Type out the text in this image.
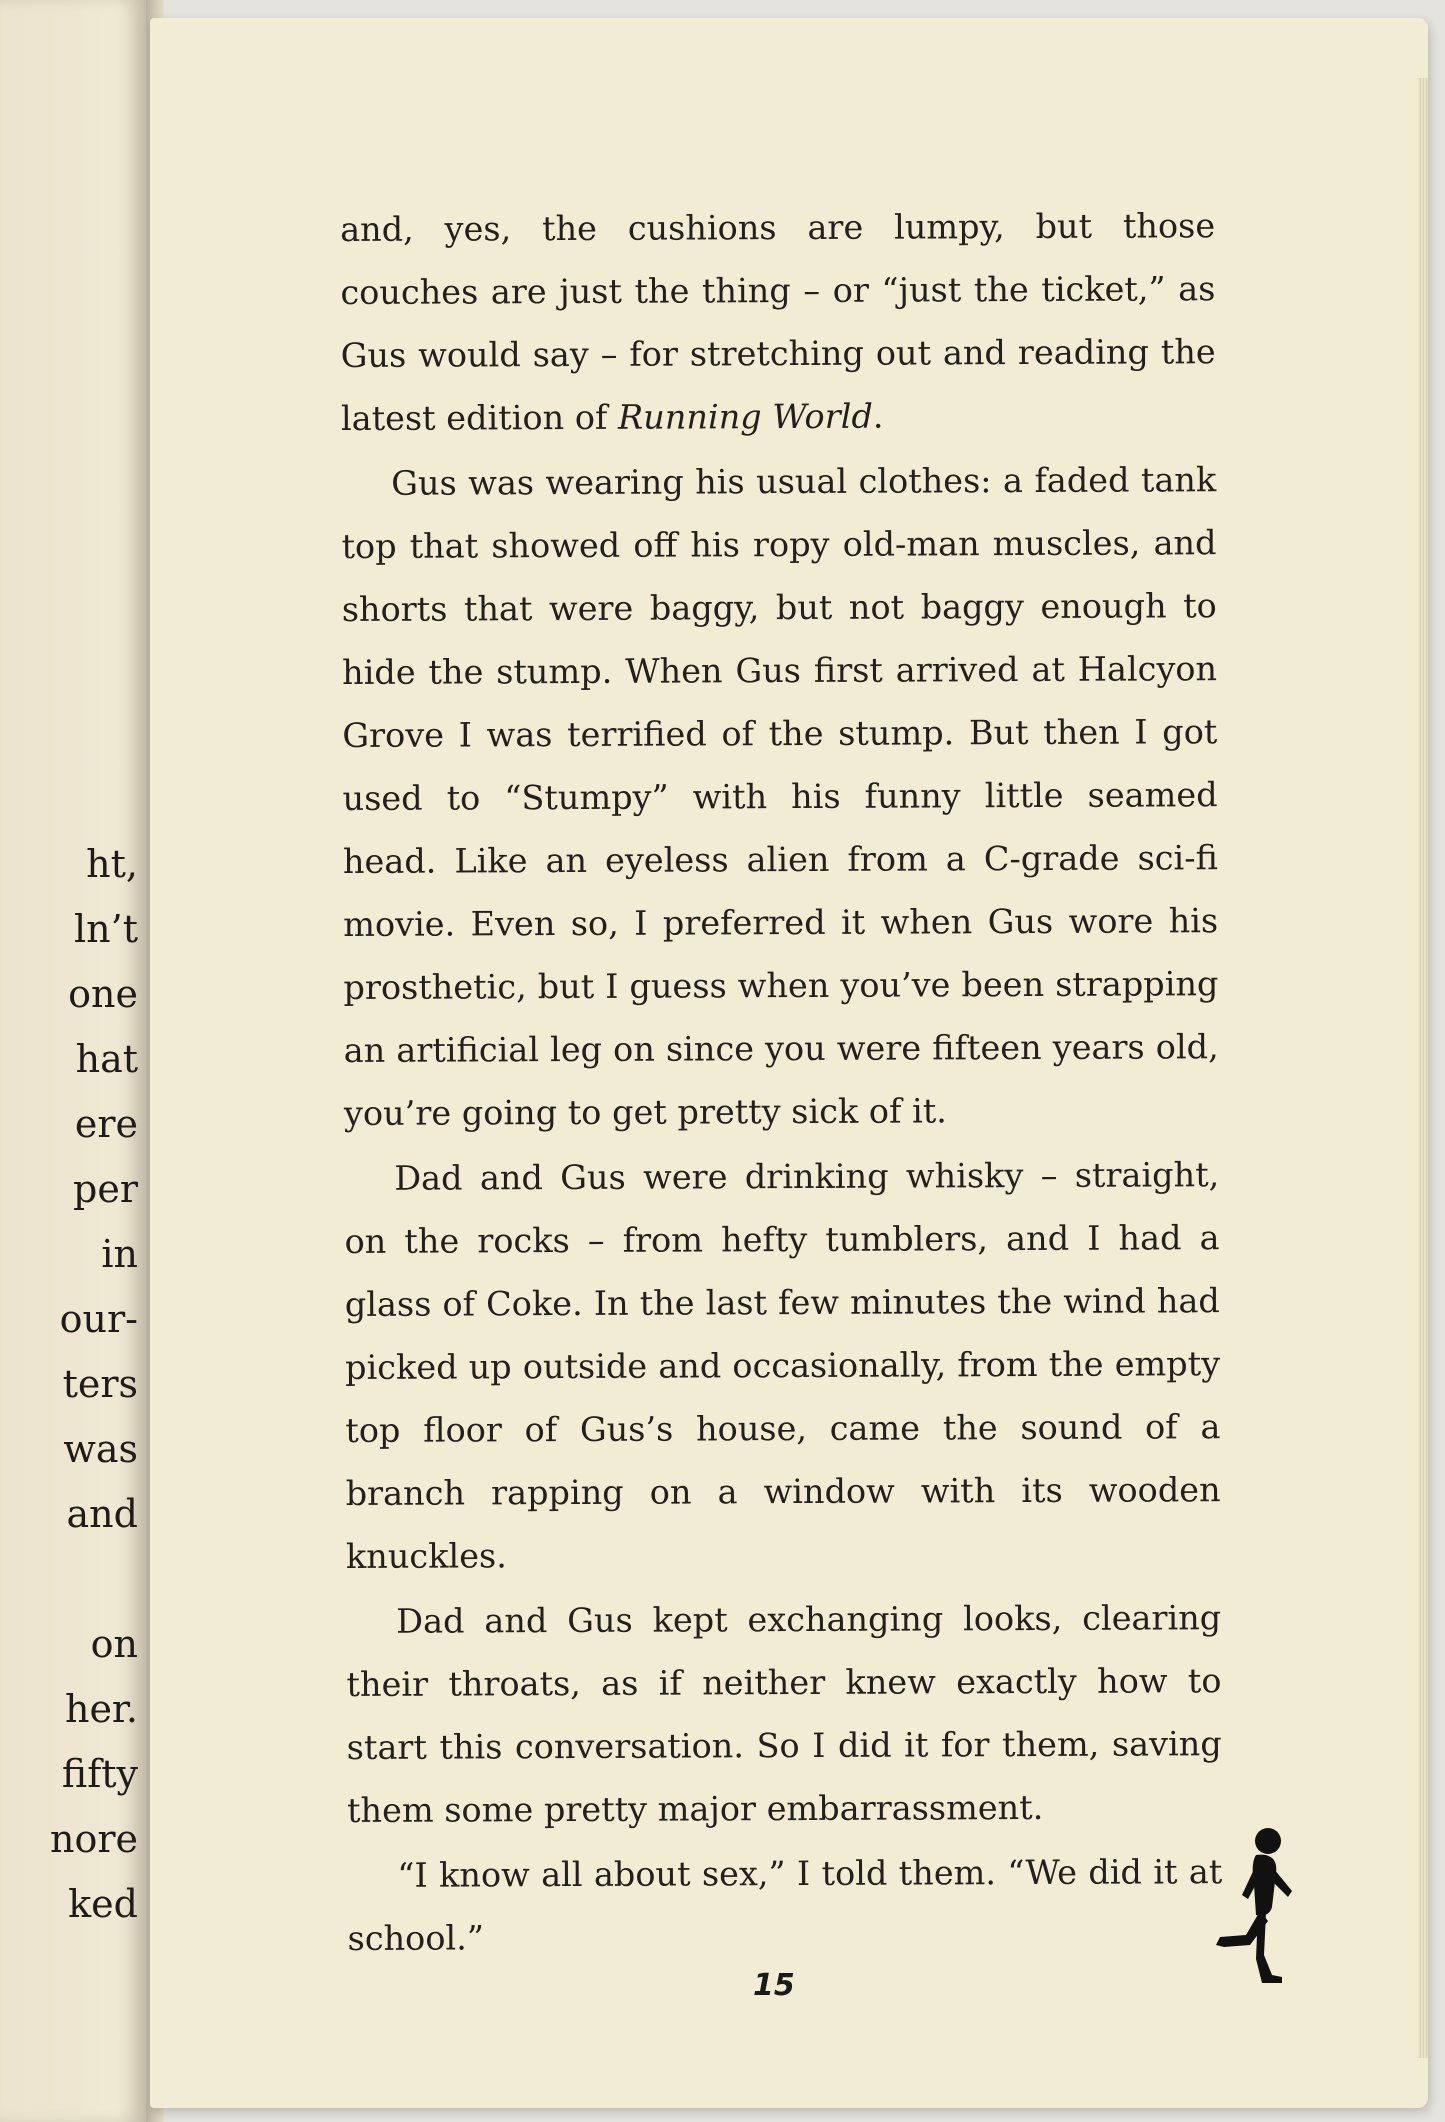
ht,
ln’t
one
hat
ere
per
in
our-
ters
was
and
on
her.
fifty
nore
ked

and, yes, the cushions are lumpy, but those couches are just the thing – or “just the ticket,” as Gus would say – for stretching out and reading the latest edition of Running World.

Gus was wearing his usual clothes: a faded tank top that showed off his ropy old-man muscles, and shorts that were baggy, but not baggy enough to hide the stump. When Gus first arrived at Halcyon Grove I was terrified of the stump. But then I got used to “Stumpy” with his funny little seamed head. Like an eyeless alien from a C-grade sci-fi movie. Even so, I preferred it when Gus wore his prosthetic, but I guess when you’ve been strapping an artificial leg on since you were fifteen years old, you’re going to get pretty sick of it.

Dad and Gus were drinking whisky – straight, on the rocks – from hefty tumblers, and I had a glass of Coke. In the last few minutes the wind had picked up outside and occasionally, from the empty top floor of Gus’s house, came the sound of a branch rapping on a window with its wooden knuckles.

Dad and Gus kept exchanging looks, clearing their throats, as if neither knew exactly how to start this conversation. So I did it for them, saving them some pretty major embarrassment.

“I know all about sex,” I told them. “We did it at school.”

15
